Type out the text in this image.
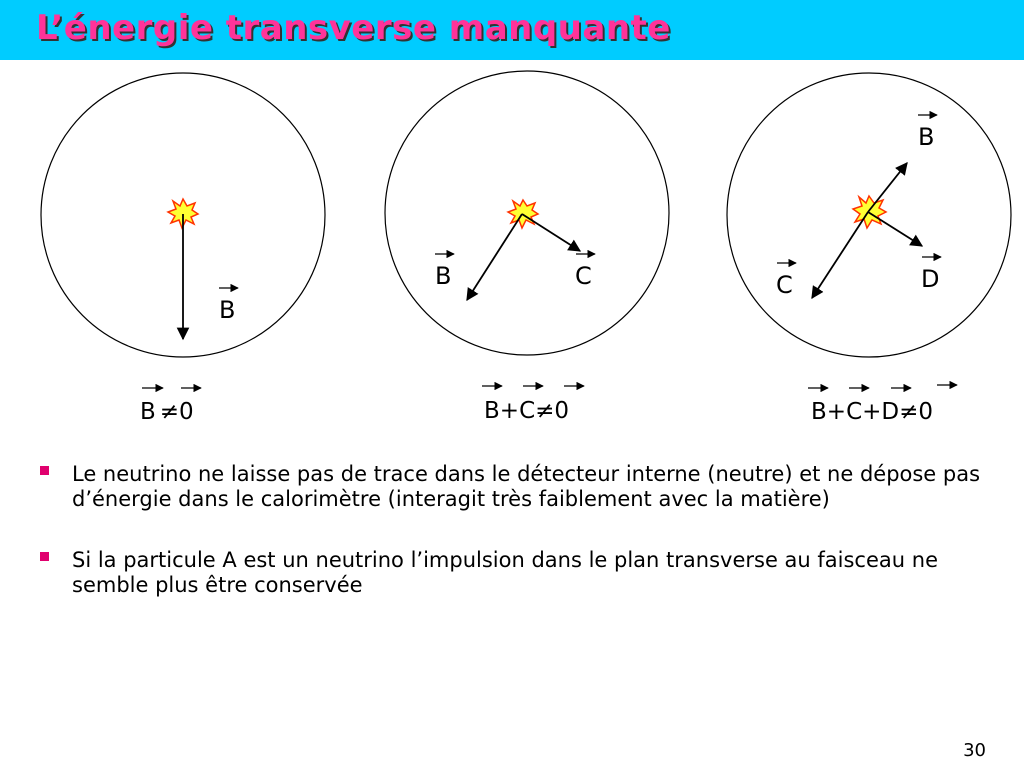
L’énergie transverse manquante
B
B ≠0
B	C
B+C≠0
B
C	D
B+C+D≠0
Le neutrino ne laisse pas de trace dans le détecteur interne (neutre) et ne dépose pas d’énergie dans le calorimètre (interagit très faiblement avec la matière)
Si la particule A est un neutrino l’impulsion dans le plan transverse au faisceau ne semble plus être conservée
30
